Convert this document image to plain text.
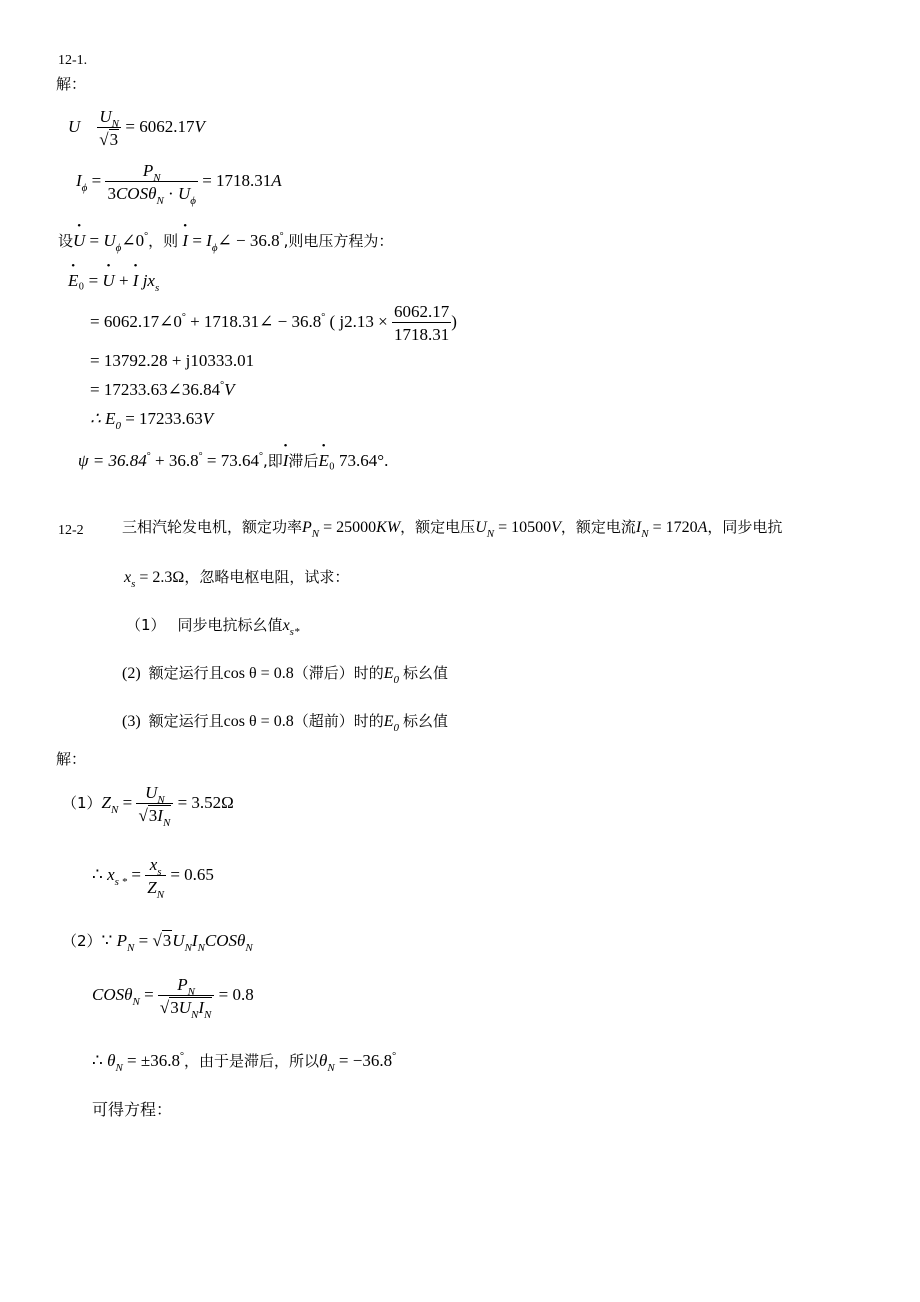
12-1.
解：
U $\frac{U_N}{√3} = 6062.17V$
$I_\phi = \frac{P_N}{3COS\theta_N \cdot U_\phi} = 1718.31A$
设• $U = U_\phi\angle 0^\circ$，则 • $I = I_\phi\angle - 36.8^\circ$,则电压方程为：
• E₀ = • U + • I $jx_s$
= 6062.17∠0° + 1718.31∠ − 36.8° ( $j2.13 \times \frac{6062.17}{1718.31}$ )
= 13792.28 + j10333.01
= 17233.63∠36.84°V
∴ $E_0 = 17233.63V$
ψ = 36.84° + 36.8° = 73.64°,即• I滞后• E₀ 73.64°.
12-2	三相汽轮发电机，额定功率$P_N = 25000KW$，额定电压$U_N = 10500V$，额定电流$I_N = 1720A$，同步电抗
$x_s = 2.3\Omega$，忽略电枢电阻，试求：
（1） 同步电抗标幺值$x_{s*}$
(2) 额定运行且cos θ = 0.8（滞后）时的$E_0$ 标幺值
(3) 额定运行且cos θ = 0.8（超前）时的$E_0$ 标幺值
解：
$(1)Z_N = \frac{U_N}{√3I_N} = 3.52\Omega$
∴ $x_{s *} = \frac{x_s}{Z_N} = 0.65$
（2）∵ $P_N = √3U_NI_NCOS\theta_N$
$COS\theta_N = \frac{P_N}{√3U_NI_N} = 0.8$
∴ $\theta_N = \pm 36.8^\circ$，由于是滞后，所以$\theta_N = -36.8^\circ$
可得方程：
